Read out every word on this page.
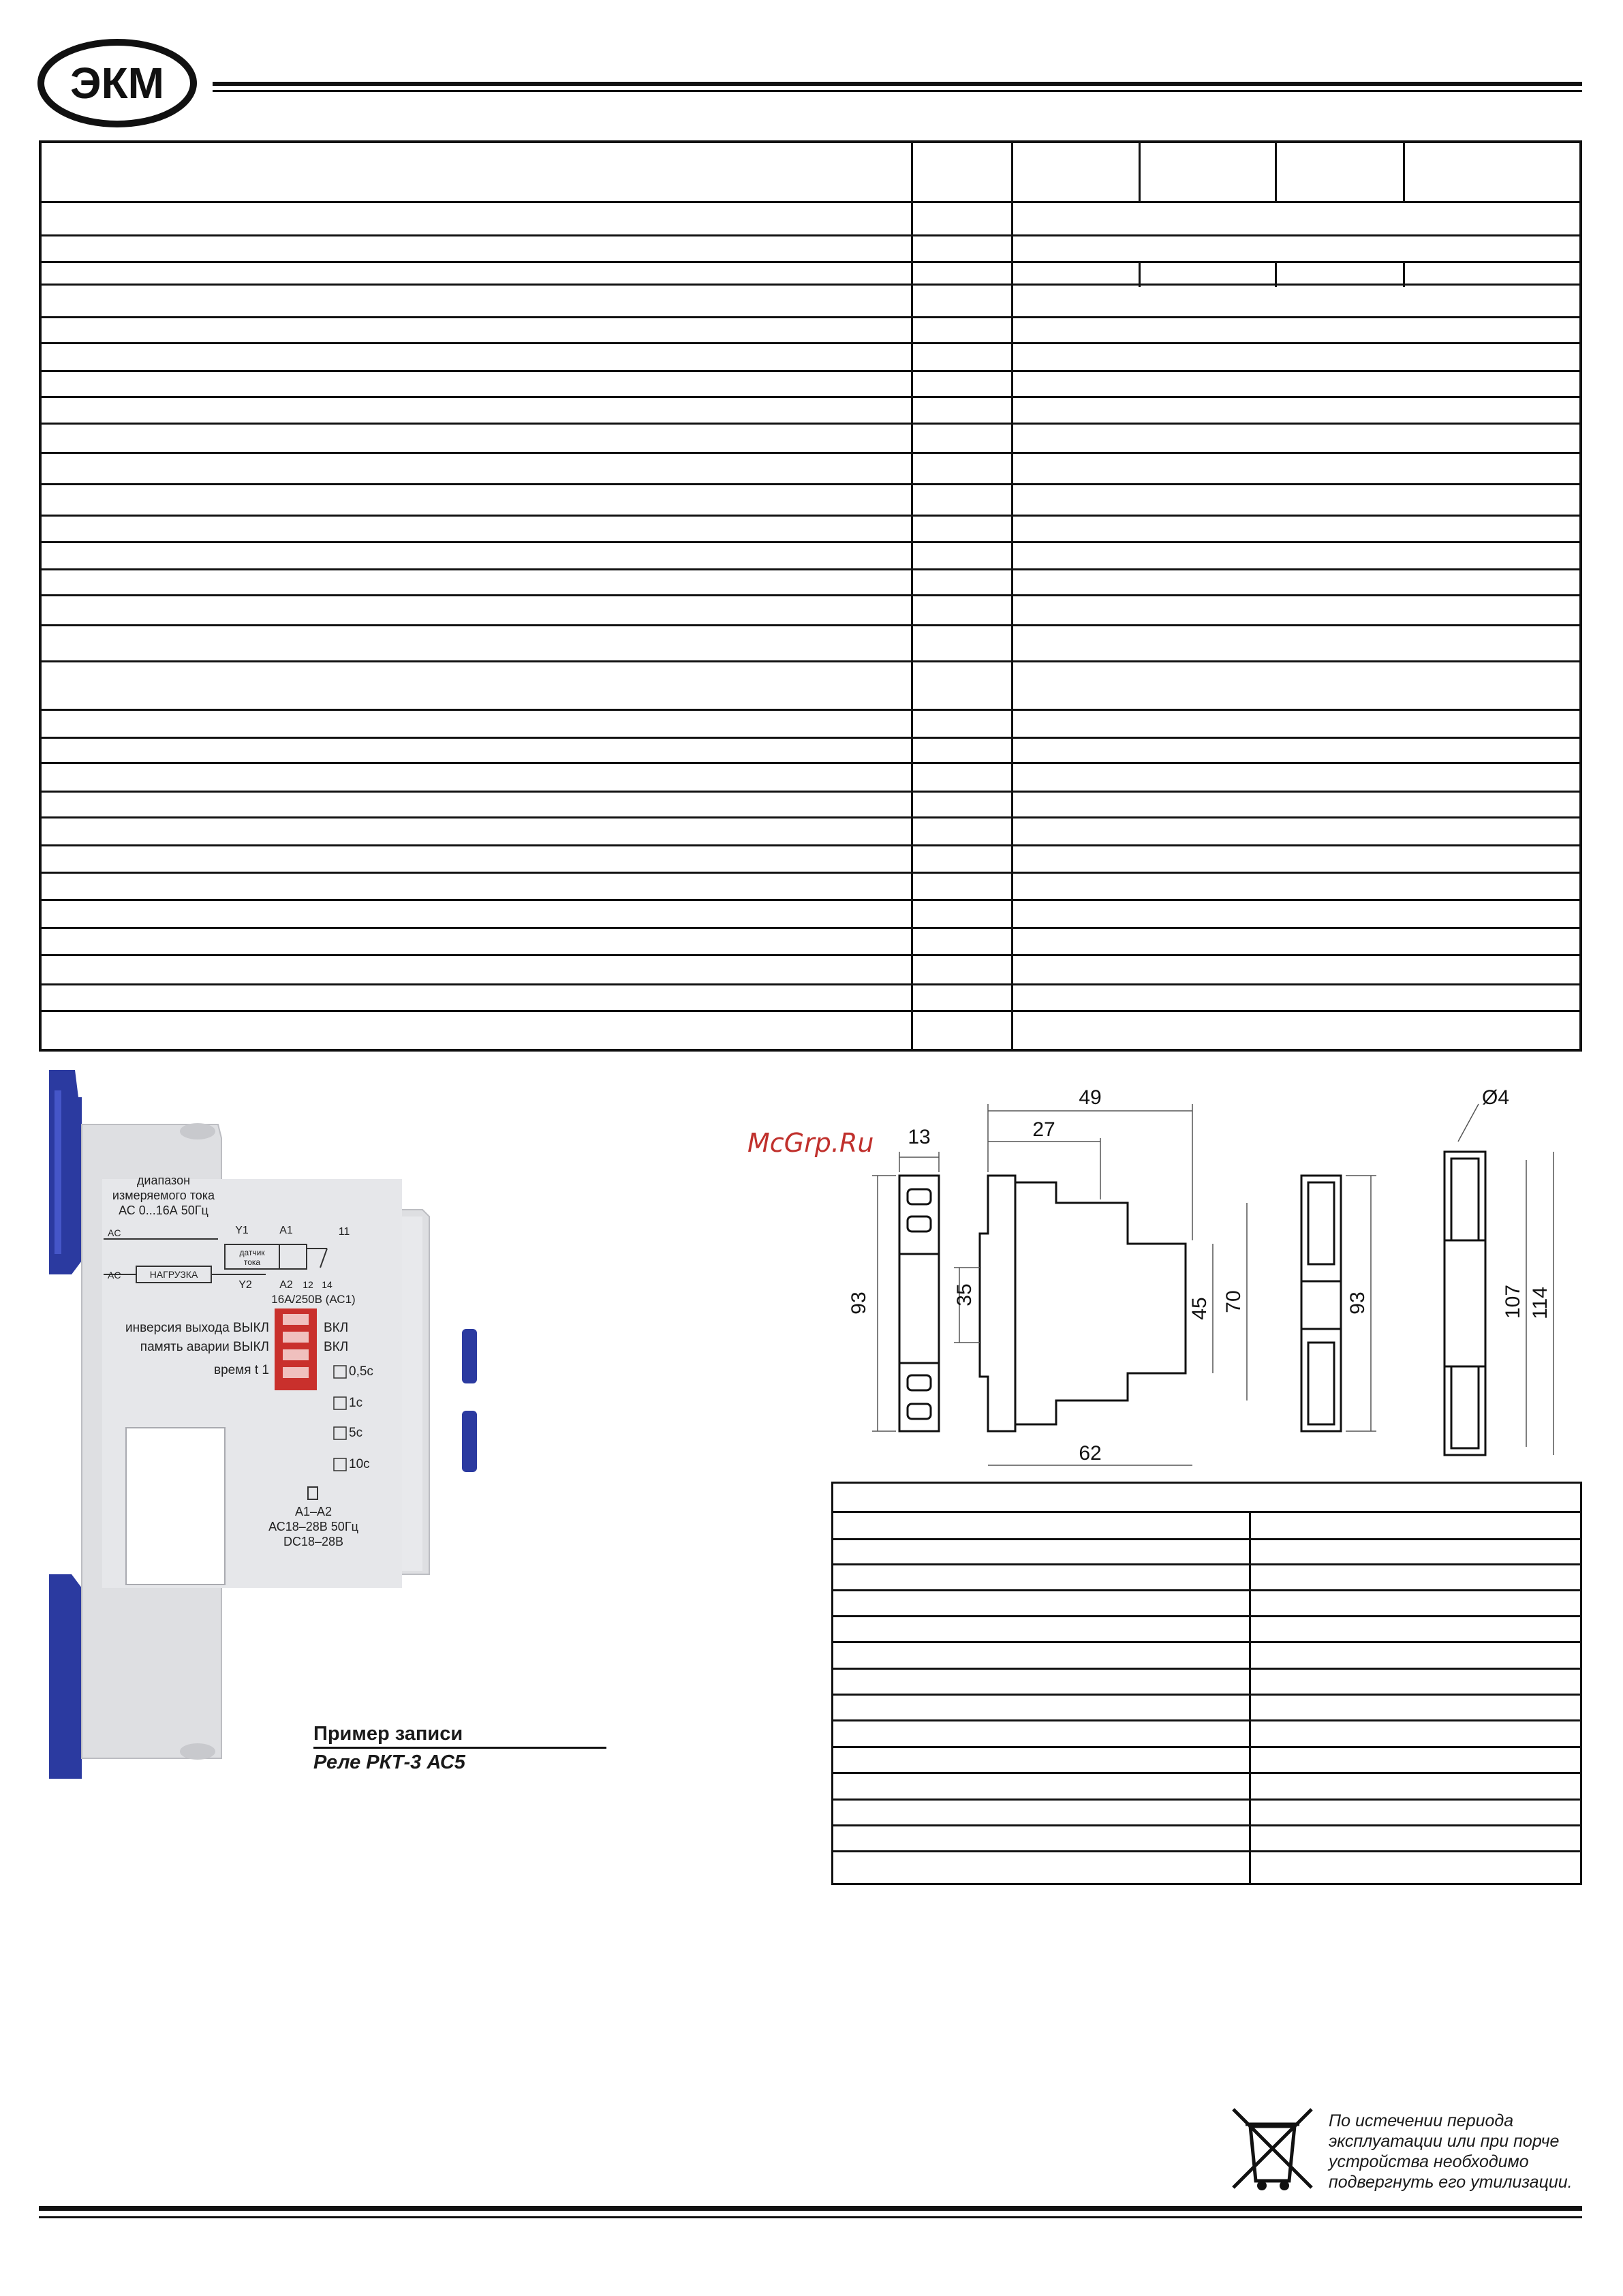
ЭКМ
диапазон
измеряемого тока
АС 0...16А 50Гц
Y1	A1	11
AC
AC
датчик
тока
НАГРУЗКА
Y2	A2 12 14
16А/250В (АС1)
инверсия выхода ВЫКЛ
память аварии ВЫКЛ
время t 1
ВКЛ
ВКЛ
0,5с
1с
5с
10с
A1–A2
АС18–28В 50Гц
DC18–28В
Пример записи
Реле РКТ-3 АС5
McGrp.Ru 13
93
49
27
35
45 70
62
93
Ø4
107 114
По истечении периода
эксплуатации или при порче
устройства необходимо
подвергнуть его утилизации.
